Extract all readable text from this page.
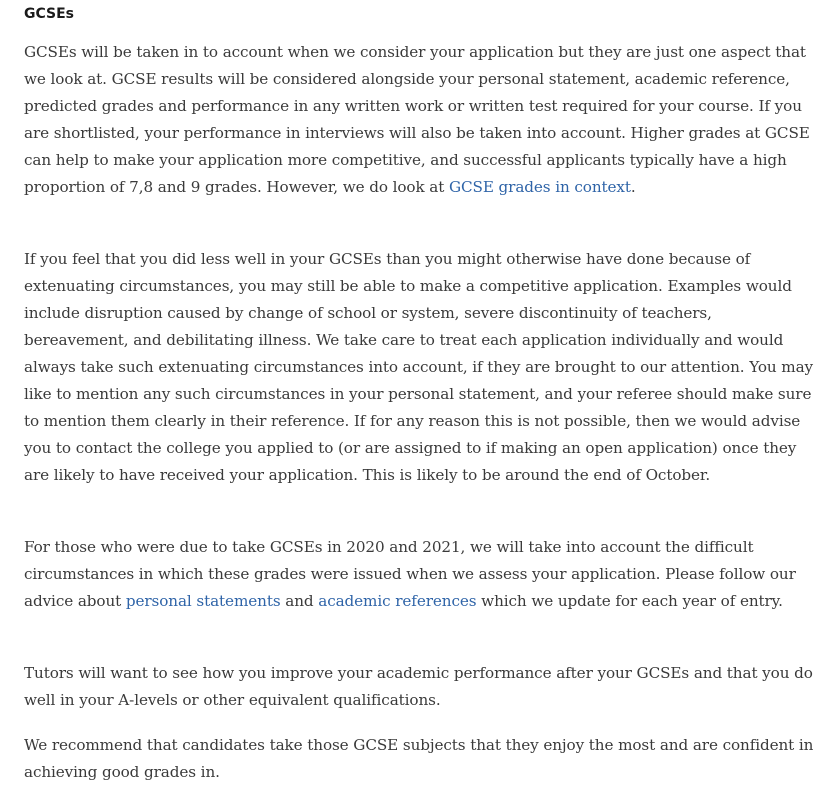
GCSEs

GCSEs will be taken in to account when we consider your application but they are just one aspect that we look at. GCSE results will be considered alongside your personal statement, academic reference, predicted grades and performance in any written work or written test required for your course. If you are shortlisted, your performance in interviews will also be taken into account. Higher grades at GCSE can help to make your application more competitive, and successful applicants typically have a high proportion of 7,8 and 9 grades. However, we do look at GCSE grades in context.

If you feel that you did less well in your GCSEs than you might otherwise have done because of extenuating circumstances, you may still be able to make a competitive application. Examples would include disruption caused by change of school or system, severe discontinuity of teachers, bereavement, and debilitating illness. We take care to treat each application individually and would always take such extenuating circumstances into account, if they are brought to our attention. You may like to mention any such circumstances in your personal statement, and your referee should make sure to mention them clearly in their reference. If for any reason this is not possible, then we would advise you to contact the college you applied to (or are assigned to if making an open application) once they are likely to have received your application. This is likely to be around the end of October.

For those who were due to take GCSEs in 2020 and 2021, we will take into account the difficult circumstances in which these grades were issued when we assess your application. Please follow our advice about personal statements and academic references which we update for each year of entry.

Tutors will want to see how you improve your academic performance after your GCSEs and that you do well in your A-levels or other equivalent qualifications.

We recommend that candidates take those GCSE subjects that they enjoy the most and are confident in achieving good grades in.
